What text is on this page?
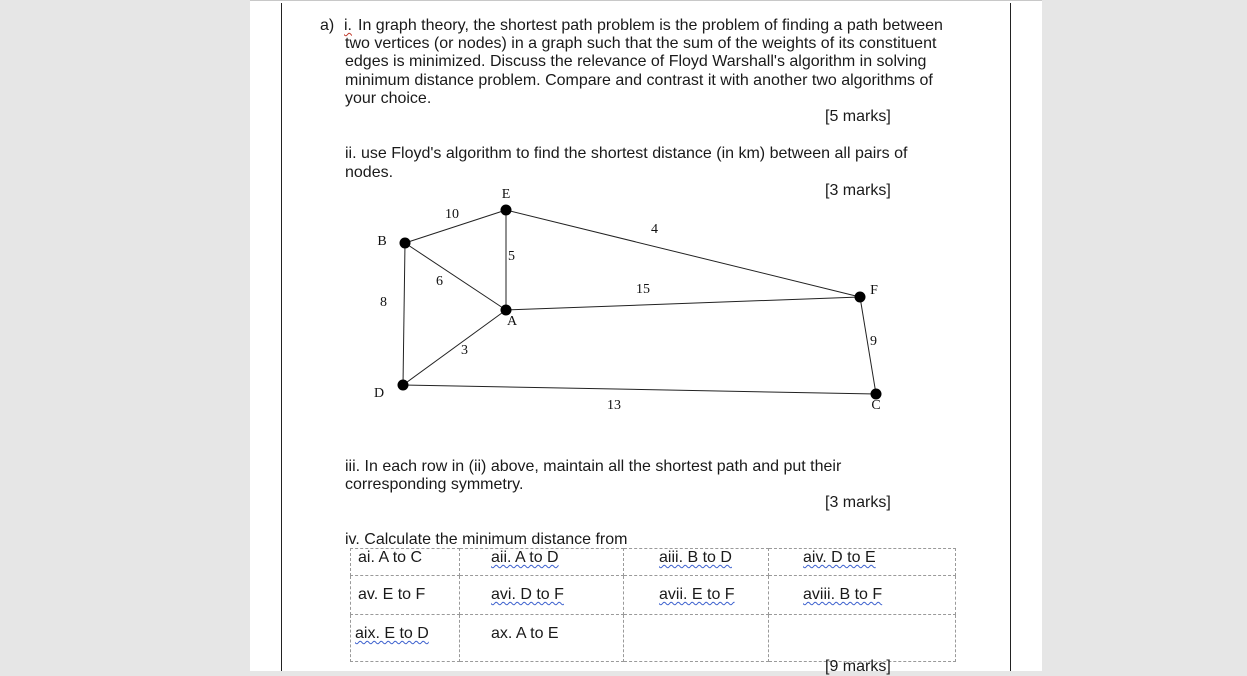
a) i. In graph theory, the shortest path problem is the problem of finding a path between
two vertices (or nodes) in a graph such that the sum of the weights of its constituent
edges is minimized. Discuss the relevance of Floyd Warshall's algorithm in solving
minimum distance problem. Compare and contrast it with another two algorithms of
your choice.
[5 marks]
ii. use Floyd's algorithm to find the shortest distance (in km) between all pairs of
nodes.
[3 marks]
10
4
5
6
15
8
9
3
13
E
B
A
F
D
C
iii. In each row in (ii) above, maintain all the shortest path and put their
corresponding symmetry.
[3 marks]
iv. Calculate the minimum distance from
ai. A to C	aii. A to D	aiii. B to D	aiv. D to E
av. E to F	avi. D to F	avii. E to F	aviii. B to F
aix. E to D	ax. A to E		
[9 marks]
